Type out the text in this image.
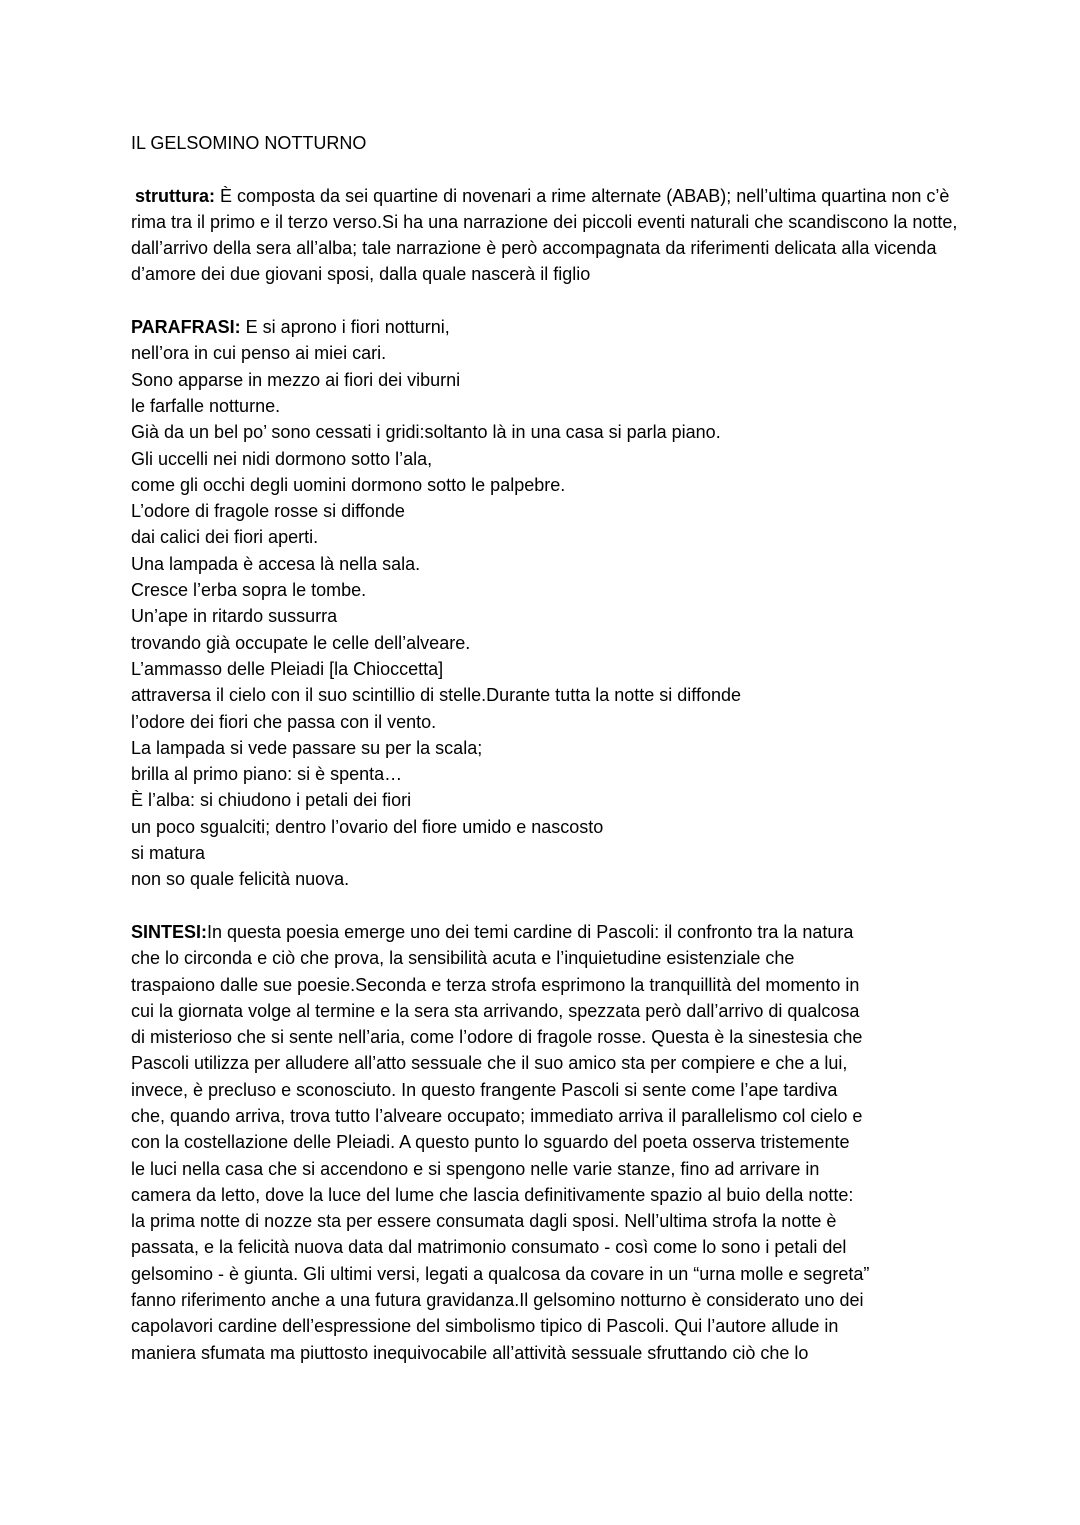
IL GELSOMINO NOTTURNO

struttura: È composta da sei quartine di novenari a rime alternate (ABAB); nell’ultima quartina non c’è rima tra il primo e il terzo verso.Si ha una narrazione dei piccoli eventi naturali che scandiscono la notte, dall’arrivo della sera all’alba; tale narrazione è però accompagnata da riferimenti delicata alla vicenda d’amore dei due giovani sposi, dalla quale nascerà il figlio

PARAFRASI: E si aprono i fiori notturni,
nell’ora in cui penso ai miei cari.
Sono apparse in mezzo ai fiori dei viburni
le farfalle notturne.
Già da un bel po’ sono cessati i gridi:soltanto là in una casa si parla piano.
Gli uccelli nei nidi dormono sotto l’ala,
come gli occhi degli uomini dormono sotto le palpebre.
L’odore di fragole rosse si diffonde
dai calici dei fiori aperti.
Una lampada è accesa là nella sala.
Cresce l’erba sopra le tombe.
Un’ape in ritardo sussurra
trovando già occupate le celle dell’alveare.
L’ammasso delle Pleiadi [la Chioccetta]
attraversa il cielo con il suo scintillio di stelle.Durante tutta la notte si diffonde
l’odore dei fiori che passa con il vento.
La lampada si vede passare su per la scala;
brilla al primo piano: si è spenta…
È l’alba: si chiudono i petali dei fiori
un poco sgualciti; dentro l’ovario del fiore umido e nascosto
si matura
non so quale felicità nuova.
SINTESI:In questa poesia emerge uno dei temi cardine di Pascoli: il confronto tra la natura
che lo circonda e ciò che prova, la sensibilità acuta e l’inquietudine esistenziale che
traspaiono dalle sue poesie.Seconda e terza strofa esprimono la tranquillità del momento in
cui la giornata volge al termine e la sera sta arrivando, spezzata però dall’arrivo di qualcosa
di misterioso che si sente nell’aria, come l’odore di fragole rosse. Questa è la sinestesia che
Pascoli utilizza per alludere all’atto sessuale che il suo amico sta per compiere e che a lui,
invece, è precluso e sconosciuto. In questo frangente Pascoli si sente come l’ape tardiva
che, quando arriva, trova tutto l’alveare occupato; immediato arriva il parallelismo col cielo e
con la costellazione delle Pleiadi. A questo punto lo sguardo del poeta osserva tristemente
le luci nella casa che si accendono e si spengono nelle varie stanze, fino ad arrivare in
camera da letto, dove la luce del lume che lascia definitivamente spazio al buio della notte:
la prima notte di nozze sta per essere consumata dagli sposi. Nell’ultima strofa la notte è
passata, e la felicità nuova data dal matrimonio consumato - così come lo sono i petali del
gelsomino - è giunta. Gli ultimi versi, legati a qualcosa da covare in un “urna molle e segreta”
fanno riferimento anche a una futura gravidanza.Il gelsomino notturno è considerato uno dei
capolavori cardine dell’espressione del simbolismo tipico di Pascoli. Qui l’autore allude in
maniera sfumata ma piuttosto inequivocabile all’attività sessuale sfruttando ciò che lo
